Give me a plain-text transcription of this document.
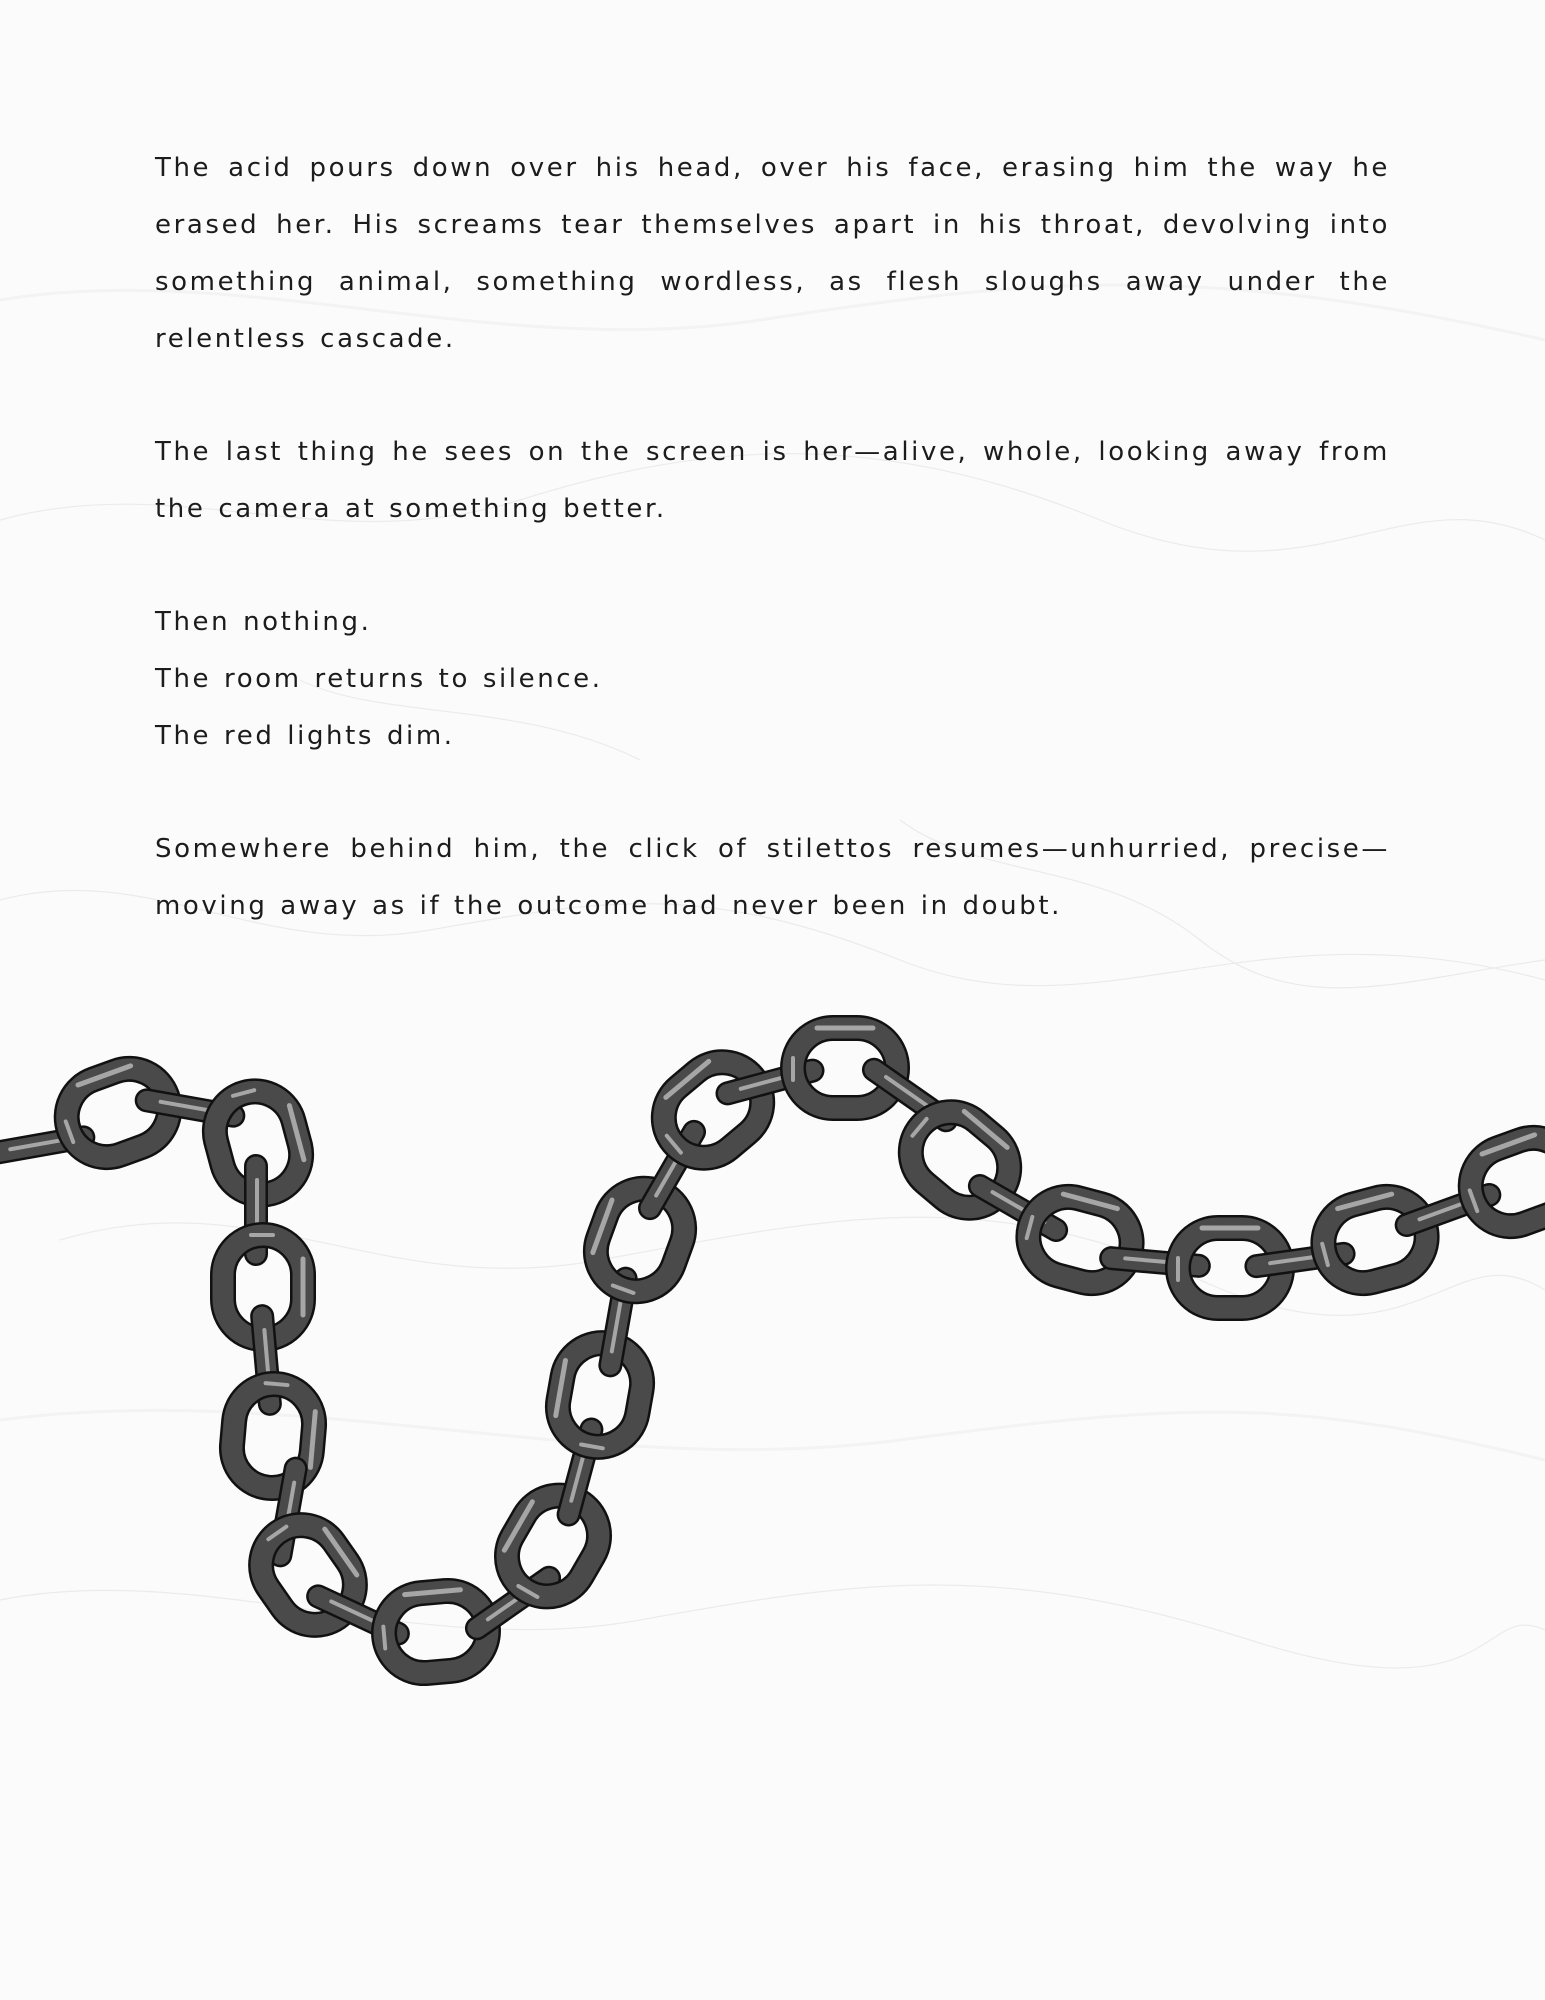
The acid pours down over his head, over his face, erasing him the way he erased her. His screams tear themselves apart in his throat, devolving into something animal, something wordless, as flesh sloughs away under the relentless cascade.

The last thing he sees on the screen is her—alive, whole, looking away from the camera at something better.

Then nothing.
The room returns to silence.
The red lights dim.

Somewhere behind him, the click of stilettos resumes—unhurried, precise—moving away as if the outcome had never been in doubt.
